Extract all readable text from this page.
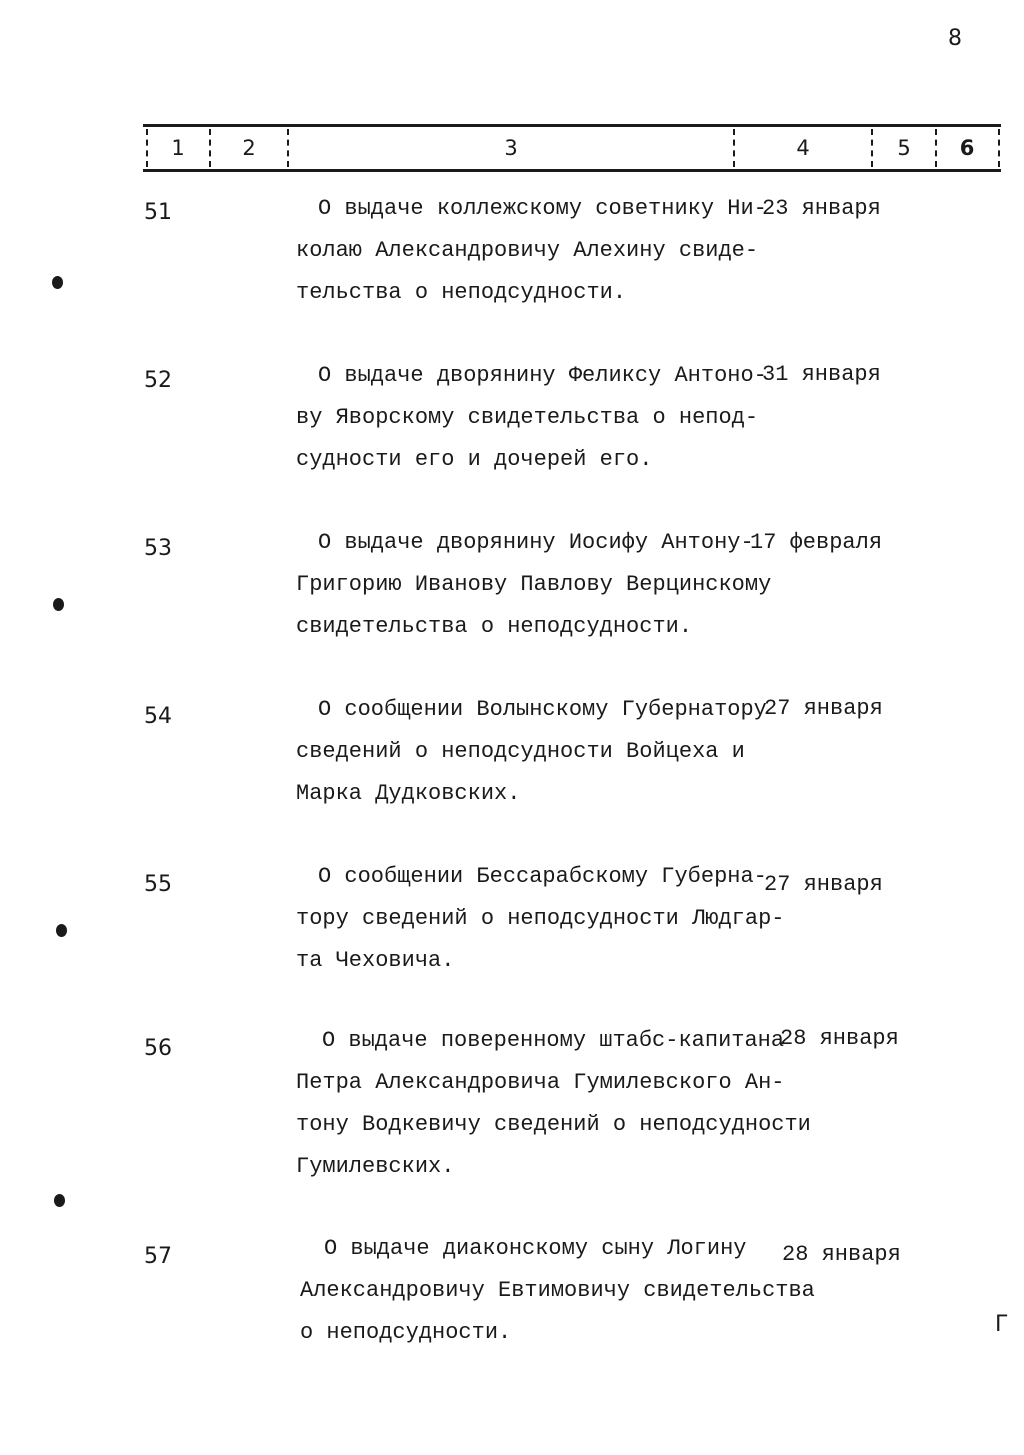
8
1	2	3	4	5	6
51	О выдаче коллежскому советнику Ни-
колаю Александровичу Алехину свиде-
тельства о неподсудности.
23 января
52	О выдаче дворянину Феликсу Антоно-
ву Яворскому свидетельства о непод-
судности его и дочерей его.
31 января
53	О выдаче дворянину Иосифу Антону-
Григорию Иванову Павлову Верцинскому
свидетельства о неподсудности.
17 февраля
54	О сообщении Волынскому Губернатору
сведений о неподсудности Войцеха и
Марка Дудковских.
27 января
55	О сообщении Бессарабскому Губерна-
тору сведений о неподсудности Людгар-
та Чеховича.
27 января
56	О выдаче поверенному штабс-капитана
Петра Александровича Гумилевского Ан-
тону Водкевичу сведений о неподсудности
Гумилевских.
28 января
57	О выдаче диаконскому сыну Логину
Александровичу Евтимовичу свидетельства
о неподсудности.
28 января
Г
